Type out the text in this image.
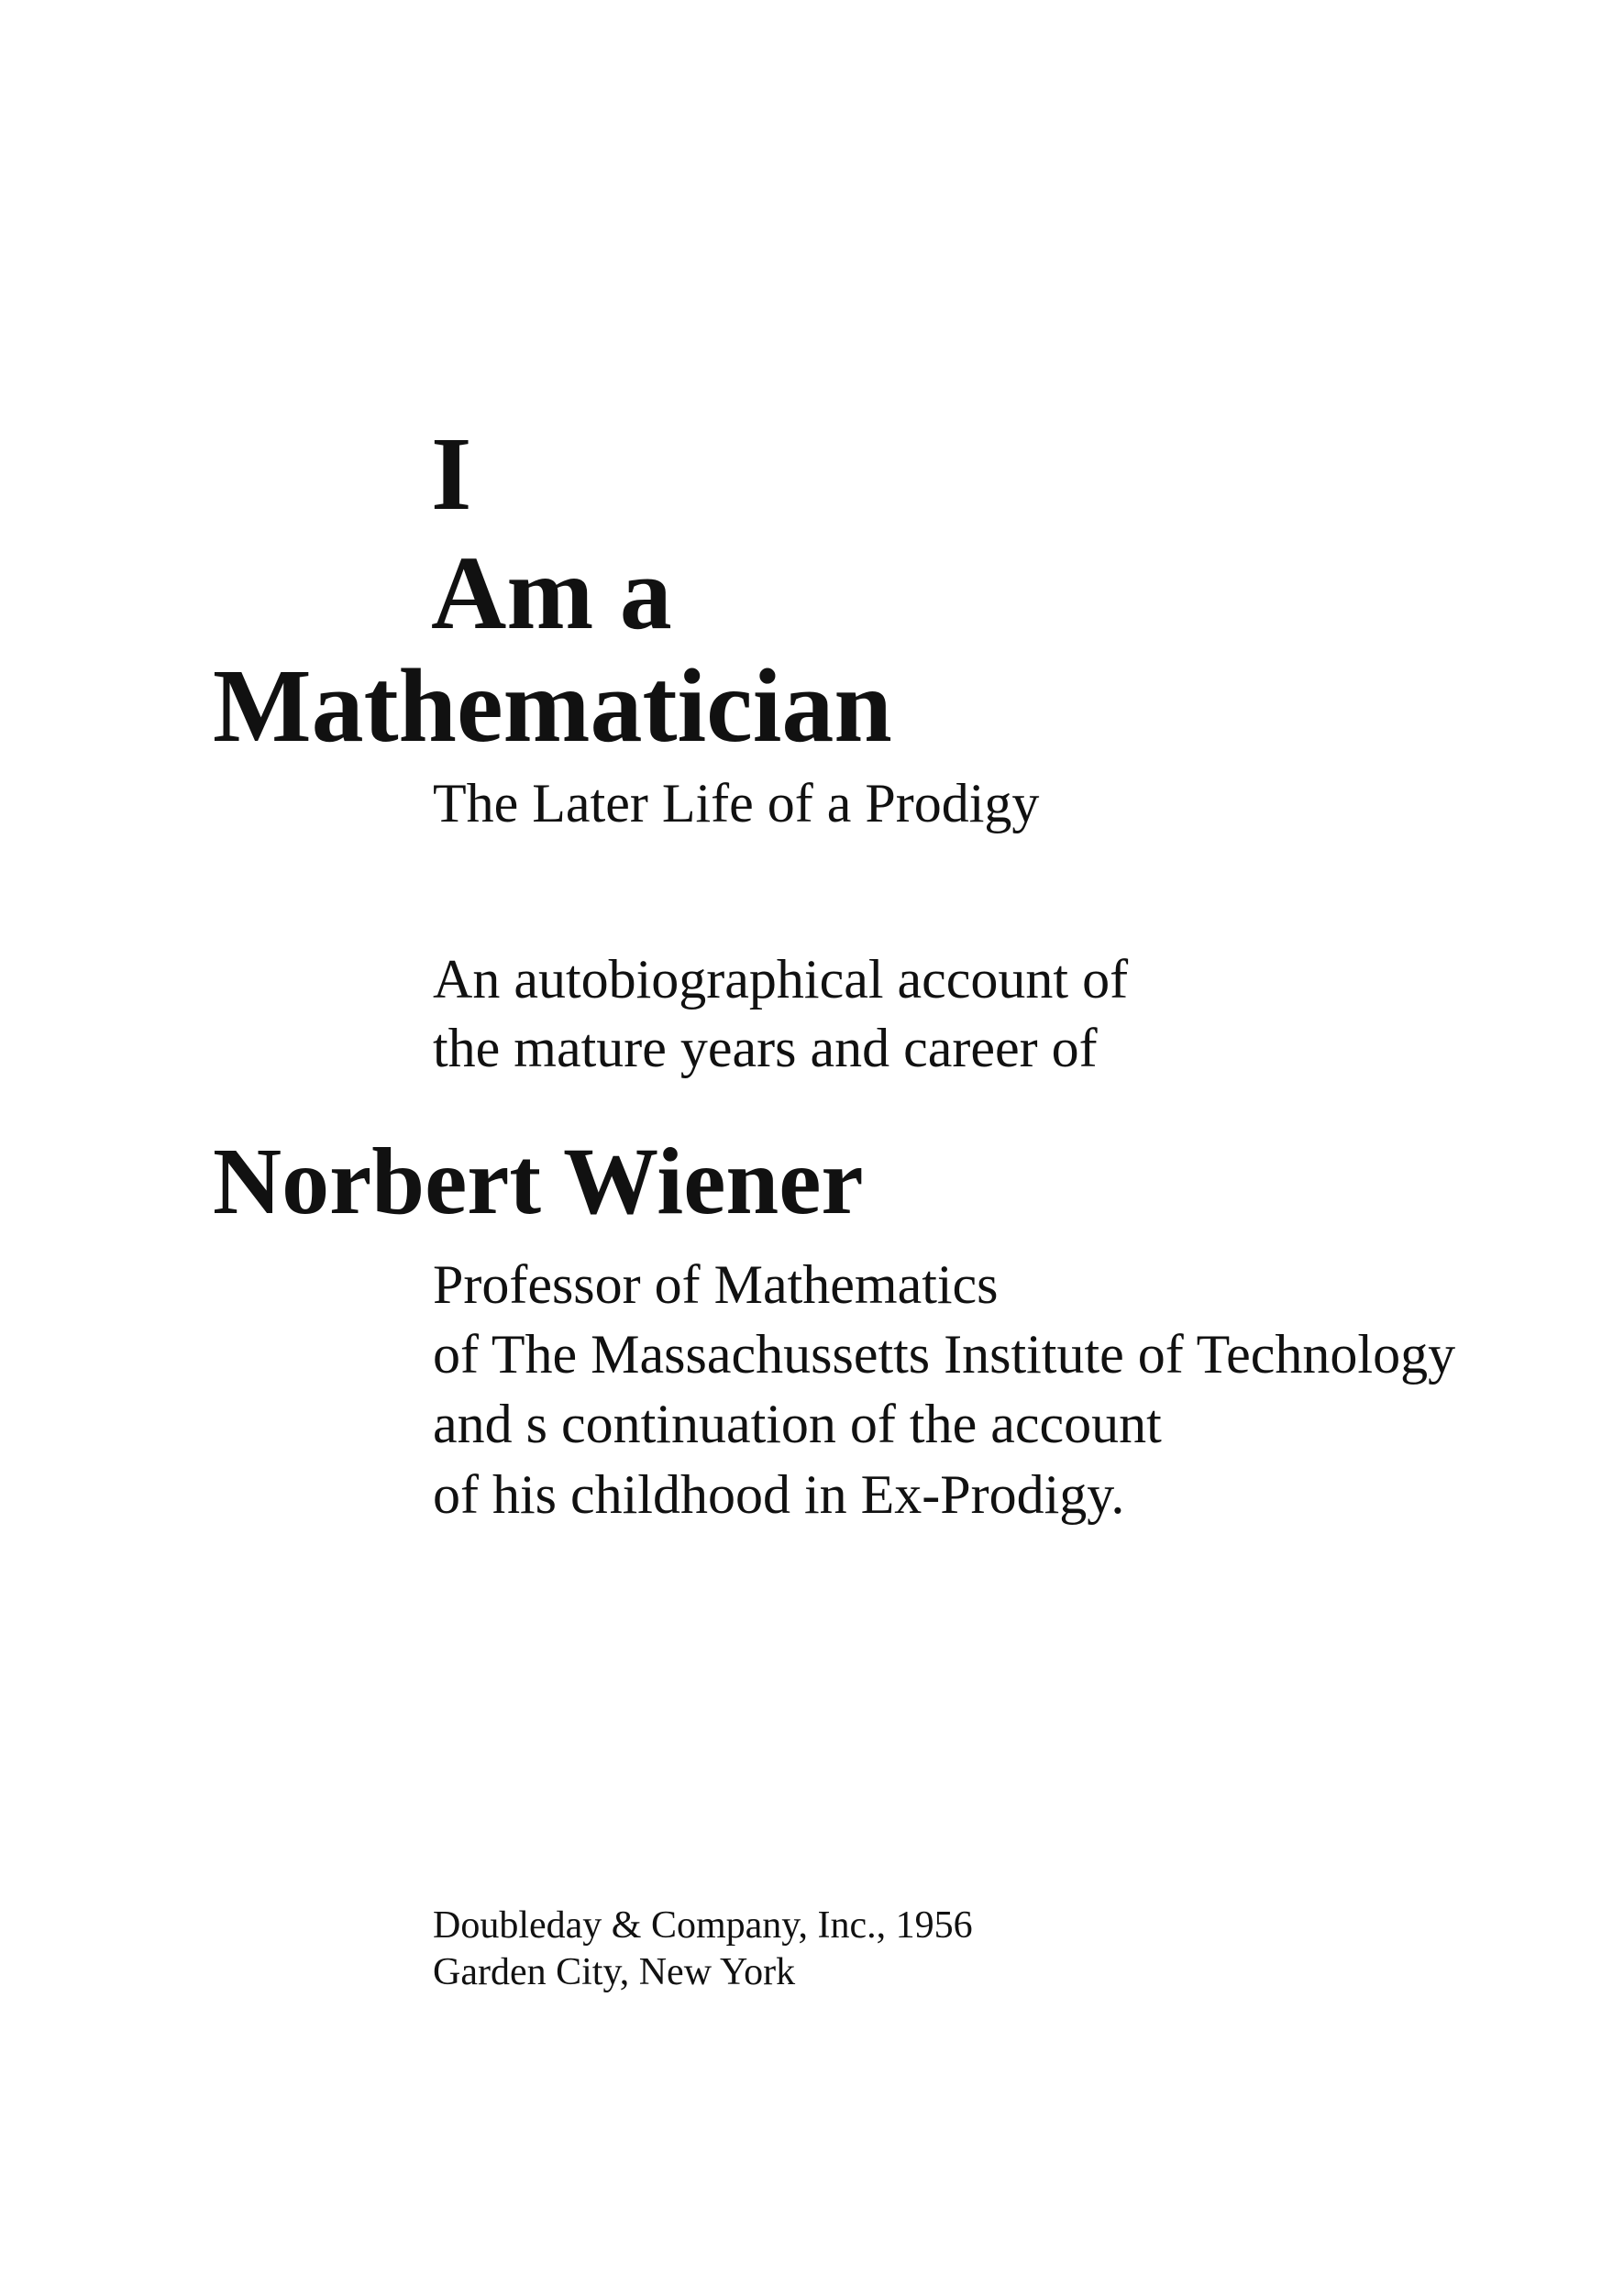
I
Am a
Mathematician

The Later Life of a Prodigy

An autobiographical account of

the mature years and career of

Norbert Wiener

Professor of Mathematics

of The Massachussetts Institute of Technology

and s continuation of the account

of his childhood in Ex-Prodigy.

Doubleday & Company, Inc., 1956

Garden City, New York
